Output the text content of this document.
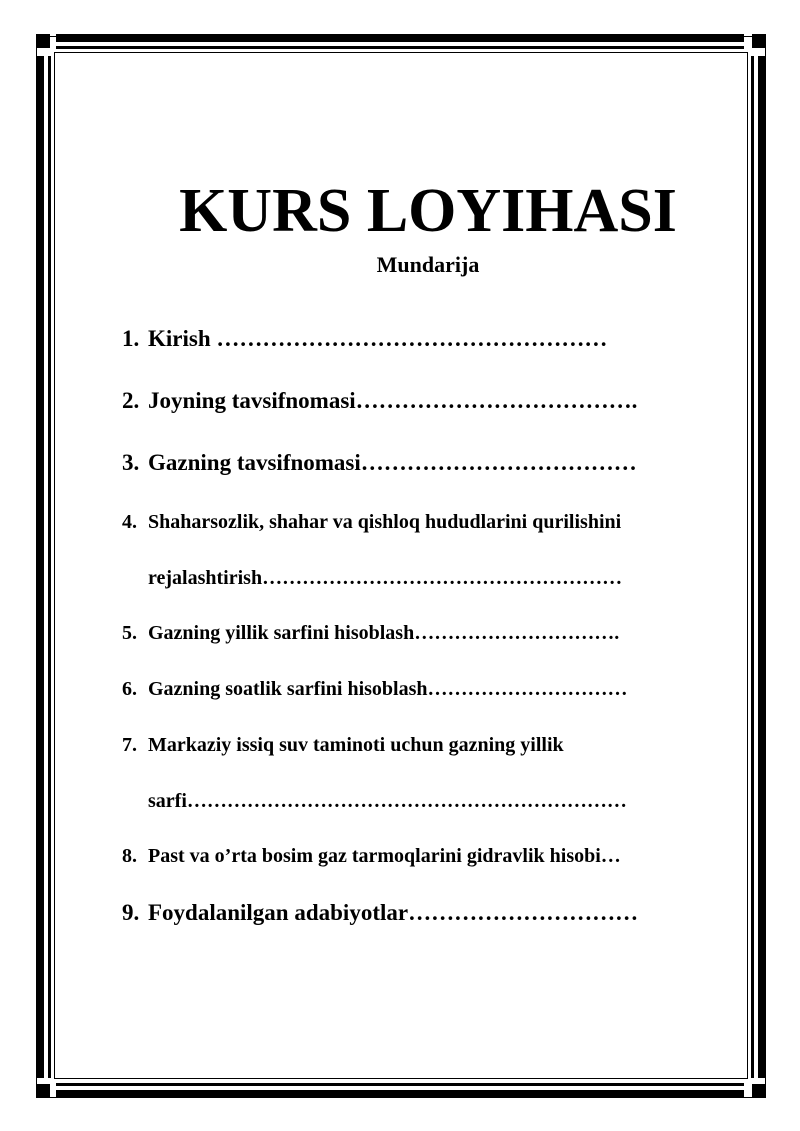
KURS LOYIHASI
Mundarija
1. Kirish ……………………………………………
2. Joyning tavsifnomasi……………………………….
3. Gazning tavsifnomasi………………………………
4. Shaharsozlik, shahar va qishloq hududlarini qurilishini
rejalashtirish………………………………………………
5. Gazning yillik sarfini hisoblash………………………….
6. Gazning soatlik sarfini hisoblash…………………………
7. Markaziy issiq suv taminoti uchun gazning yillik
sarfi…………………………………………………………
8. Past va o’rta bosim gaz tarmoqlarini gidravlik hisobi…
9. Foydalanilgan adabiyotlar…………………………
